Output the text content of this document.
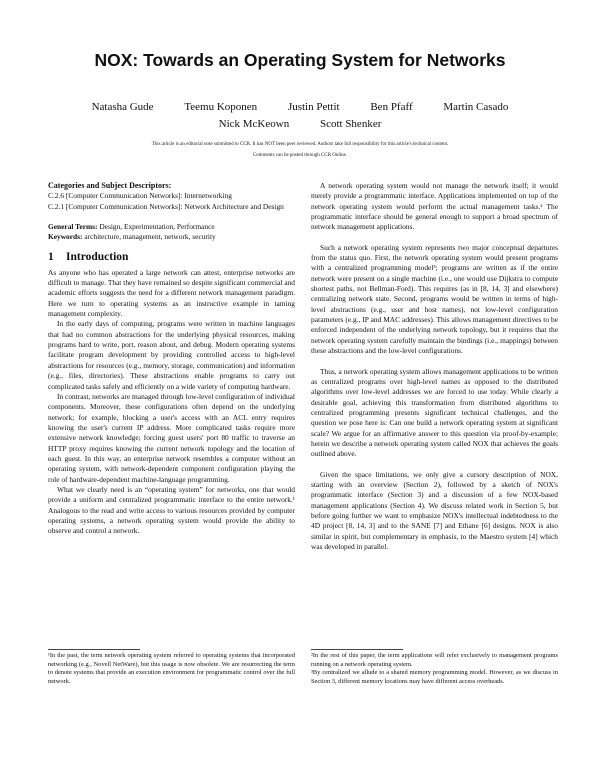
NOX: Towards an Operating System for Networks
Natasha Gude	Teemu Koponen	Justin Pettit	Ben Pfaff	Martin Casado
Nick McKeown	Scott Shenker
This article is an editorial note submitted to CCR. It has NOT been peer reviewed. Authors take full responsibility for this article's technical content.
Comments can be posted through CCR Online.
Categories and Subject Descriptors:

C.2.6 [Computer Communication Networks]: Internetworking

C.2.1 [Computer Communication Networks]: Network Architecture and Design

General Terms: Design, Experimentation, Performance

Keywords: architecture, management, network, security

1 Introduction

As anyone who has operated a large network can attest, enterprise networks are difficult to manage. That they have remained so despite significant commercial and academic efforts suggests the need for a different network management paradigm. Here we turn to operating systems as an instructive example in taming management complexity.

In the early days of computing, programs were written in machine languages that had no common abstractions for the underlying physical resources, making programs hard to write, port, reason about, and debug. Modern operating systems facilitate program development by providing controlled access to high-level abstractions for resources (e.g., memory, storage, communication) and information (e.g., files, directories). These abstractions enable programs to carry out complicated tasks safely and efficiently on a wide variety of computing hardware.

In contrast, networks are managed through low-level configuration of individual components. Moreover, these configurations often depend on the underlying network; for example, blocking a user's access with an ACL entry requires knowing the user's current IP address. More complicated tasks require more extensive network knowledge; forcing guest users' port 80 traffic to traverse an HTTP proxy requires knowing the current network topology and the location of each guest. In this way, an enterprise network resembles a computer without an operating system, with network-dependent component configuration playing the role of hardware-dependent machine-language programming.

What we clearly need is an “operating system” for networks, one that would provide a uniform and centralized programmatic interface to the entire network.¹ Analogous to the read and write access to various resources provided by computer operating systems, a network operating system would provide the ability to observe and control a network.

A network operating system would not manage the network itself; it would merely provide a programmatic interface. Applications implemented on top of the network operating system would perform the actual management tasks.² The programmatic interface should be general enough to support a broad spectrum of network management applications.

Such a network operating system represents two major conceptual departures from the status quo. First, the network operating system would present programs with a centralized programming model³; programs are written as if the entire network were present on a single machine (i.e., one would use Dijkstra to compute shortest paths, not Bellman-Ford). This requires (as in [8, 14, 3] and elsewhere) centralizing network state. Second, programs would be written in terms of high-level abstractions (e.g., user and host names), not low-level configuration parameters (e.g., IP and MAC addresses). This allows management directives to be enforced independent of the underlying network topology, but it requires that the network operating system carefully maintain the bindings (i.e., mappings) between these abstractions and the low-level configurations.

Thus, a network operating system allows management applications to be written as centralized programs over high-level names as opposed to the distributed algorithms over low-level addresses we are forced to use today. While clearly a desirable goal, achieving this transformation from distributed algorithms to centralized programming presents significant technical challenges, and the question we pose here is: Can one build a network operating system at significant scale? We argue for an affirmative answer to this question via proof-by-example; herein we describe a network operating system called NOX that achieves the goals outlined above.

Given the space limitations, we only give a cursory description of NOX, starting with an overview (Section 2), followed by a sketch of NOX's programmatic interface (Section 3) and a discussion of a few NOX-based management applications (Section 4). We discuss related work in Section 5, but before going further we want to emphasize NOX's intellectual indebtedness to the 4D project [8, 14, 3] and to the SANE [7] and Ethane [6] designs. NOX is also similar in spirit, but complementary in emphasis, to the Maestro system [4] which was developed in parallel.

¹In the past, the term network operating system referred to operating systems that incorporated networking (e.g., Novell NetWare), but this usage is now obsolete. We are resurrecting the term to denote systems that provide an execution environment for programmatic control over the full network.

²In the rest of this paper, the term applications will refer exclusively to management programs running on a network operating system.

³By centralized we allude to a shared memory programming model. However, as we discuss in Section 3, different memory locations may have different access overheads.
